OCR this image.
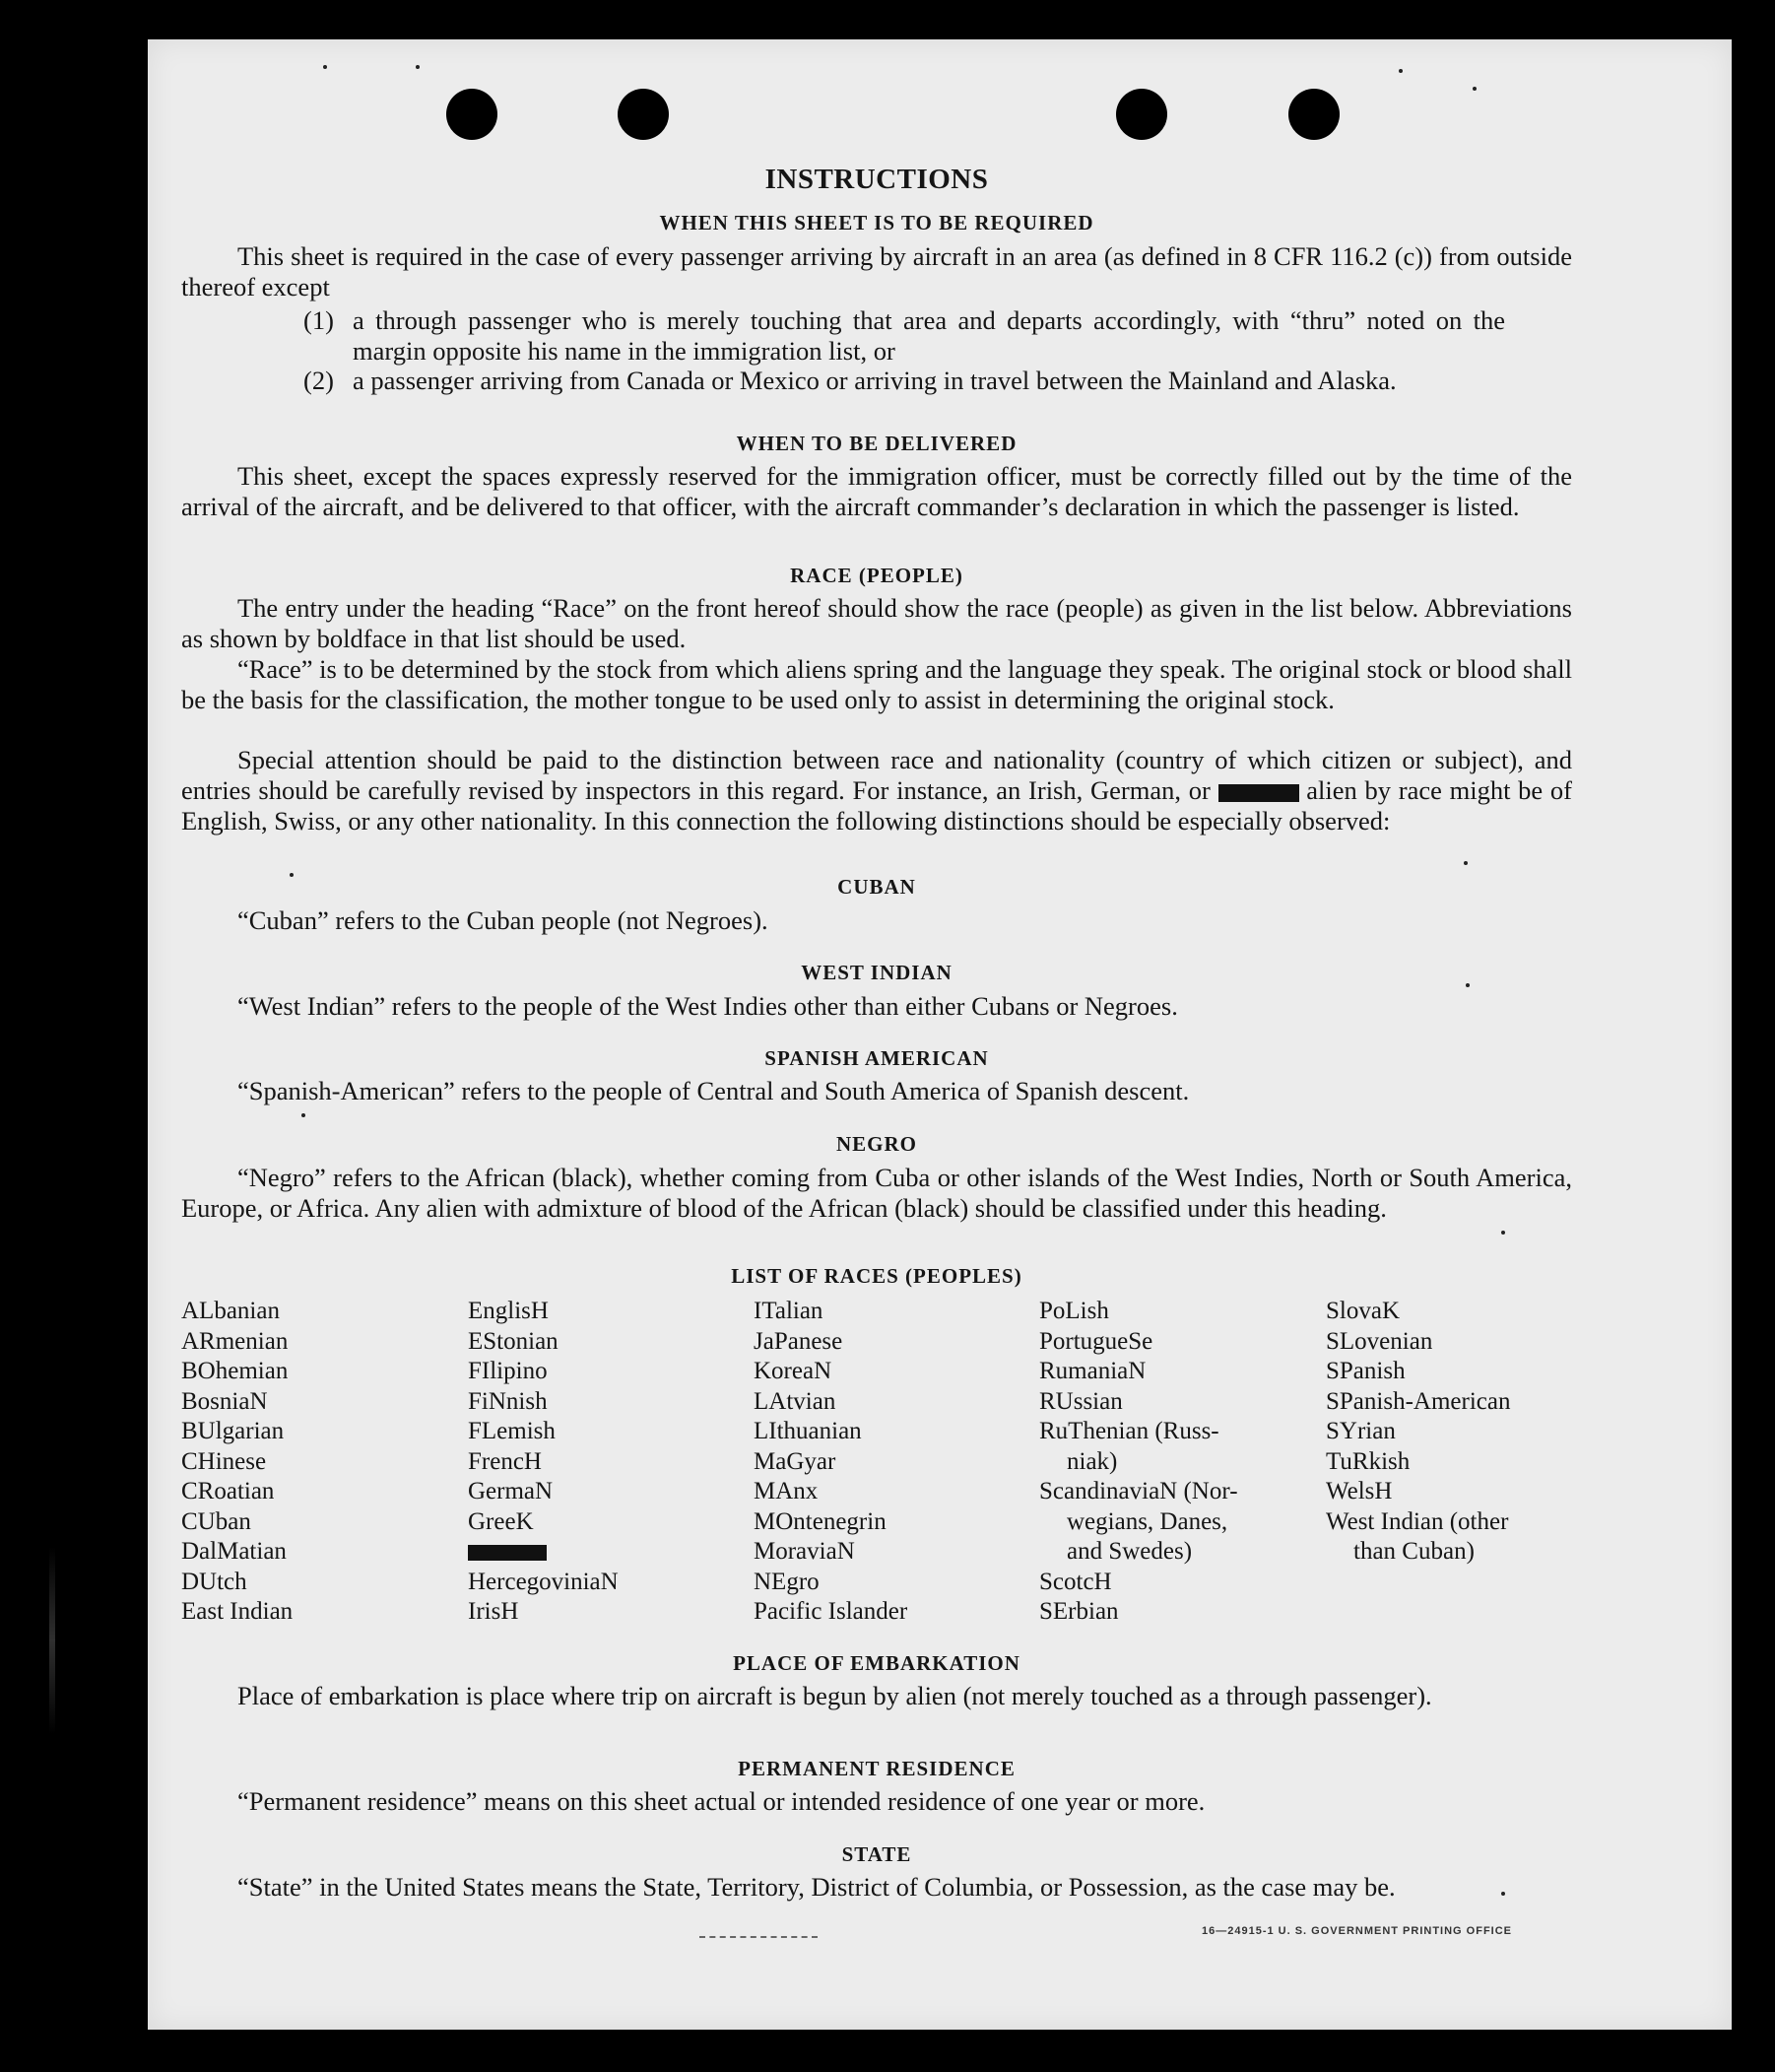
INSTRUCTIONS
WHEN THIS SHEET IS TO BE REQUIRED
This sheet is required in the case of every passenger arriving by aircraft in an area (as defined in 8 CFR 116.2 (c)) from outside thereof except
(1) a through passenger who is merely touching that area and departs accordingly, with “thru” noted on the margin opposite his name in the immigration list, or
(2) a passenger arriving from Canada or Mexico or arriving in travel between the Mainland and Alaska.
WHEN TO BE DELIVERED
This sheet, except the spaces expressly reserved for the immigration officer, must be correctly filled out by the time of the arrival of the aircraft, and be delivered to that officer, with the aircraft commander’s declaration in which the passenger is listed.
RACE (PEOPLE)
The entry under the heading “Race” on the front hereof should show the race (people) as given in the list below. Abbreviations as shown by boldface in that list should be used.
“Race” is to be determined by the stock from which aliens spring and the language they speak. The original stock or blood shall be the basis for the classification, the mother tongue to be used only to assist in determining the original stock.
Special attention should be paid to the distinction between race and nationality (country of which citizen or subject), and entries should be carefully revised by inspectors in this regard. For instance, an Irish, German, or	alien by race might be of English, Swiss, or any other nationality. In this connection the following distinctions should be especially observed:
CUBAN
“Cuban” refers to the Cuban people (not Negroes).
WEST INDIAN
“West Indian” refers to the people of the West Indies other than either Cubans or Negroes.
SPANISH AMERICAN
“Spanish-American” refers to the people of Central and South America of Spanish descent.
NEGRO
“Negro” refers to the African (black), whether coming from Cuba or other islands of the West Indies, North or South America, Europe, or Africa. Any alien with admixture of blood of the African (black) should be classified under this heading.
LIST OF RACES (PEOPLES)
ALbanian
ARmenian
BOhemian
BosniaN
BUlgarian
CHinese
CRoatian
CUban
DalMatian
DUtch
East Indian
EnglisH
EStonian
FIlipino
FiNnish
FLemish
FrencH
GermaN
GreeK
HercegoviniaN
IrisH
ITalian
JaPanese
KoreaN
LAtvian
LIthuanian
MaGyar
MAnx
MOntenegrin
MoraviaN
NEgro
Pacific Islander
PoLish
PortugueSe
RumaniaN
RUssian
RuThenian (Russ-
niak)
ScandinaviaN (Nor-
wegians, Danes,
and Swedes)
ScotcH
SErbian
SlovaK
SLovenian
SPanish
SPanish-American
SYrian
TuRkish
WelsH
West Indian (other
than Cuban)
PLACE OF EMBARKATION
Place of embarkation is place where trip on aircraft is begun by alien (not merely touched as a through passenger).
PERMANENT RESIDENCE
“Permanent residence” means on this sheet actual or intended residence of one year or more.
STATE
“State” in the United States means the State, Territory, District of Columbia, or Possession, as the case may be.
16—24915-1 U. S. GOVERNMENT PRINTING OFFICE
